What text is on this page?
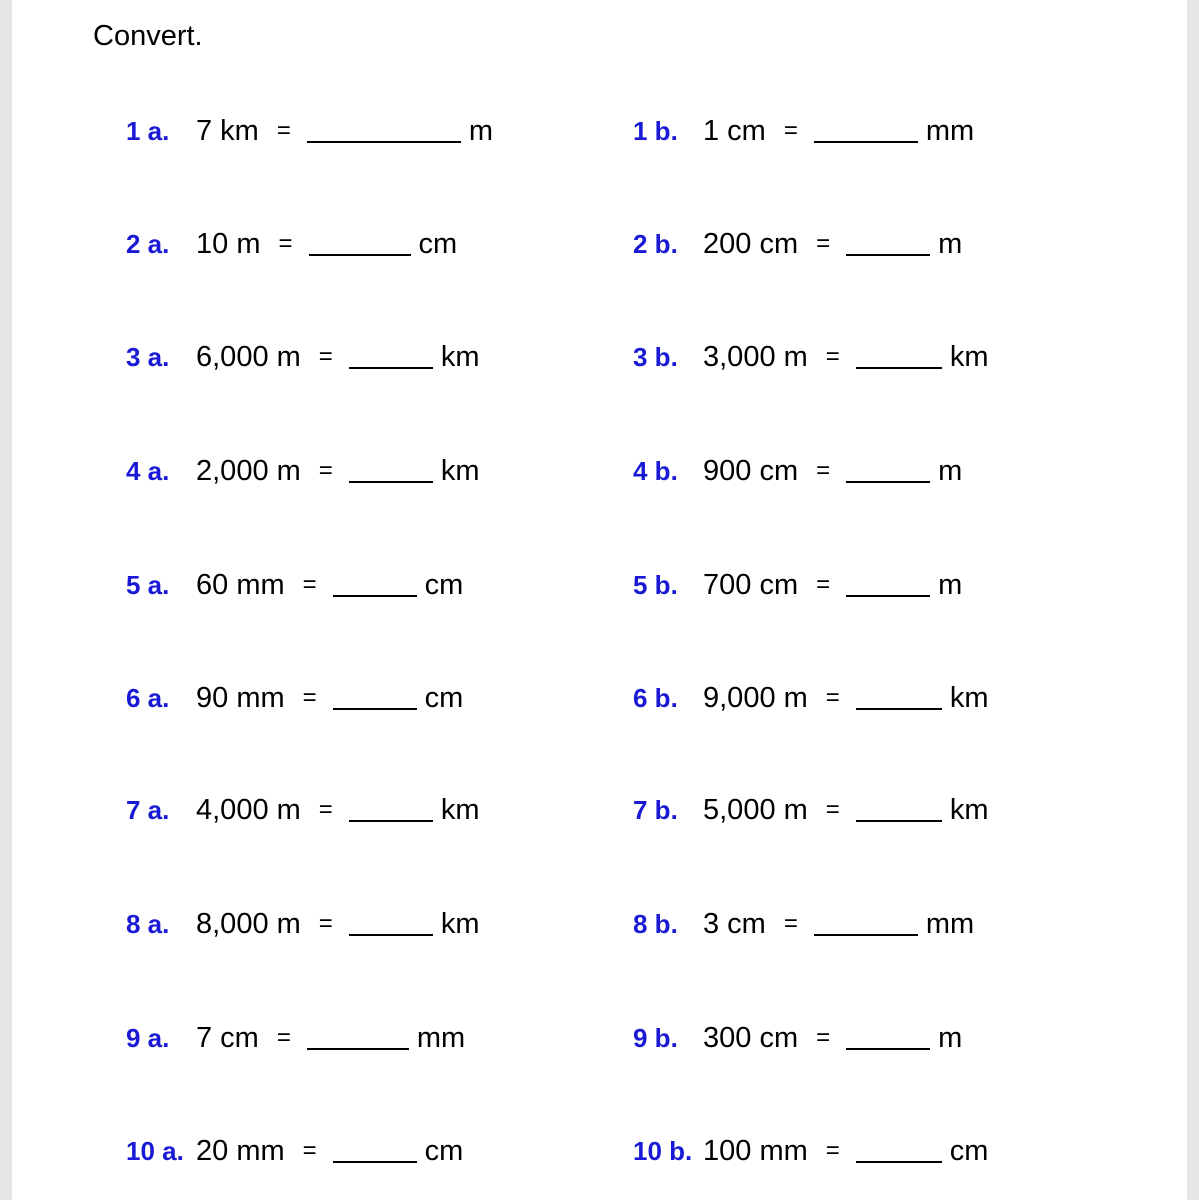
Convert.
1 a. 7 km =	m	1 b. 1 cm =	mm
2 a. 10 m =	cm	2 b. 200 cm =	m
3 a. 6,000 m =	km	3 b. 3,000 m =	km
4 a. 2,000 m =	km	4 b. 900 cm =	m
5 a. 60 mm =	cm	5 b. 700 cm =	m
6 a. 90 mm =	cm	6 b. 9,000 m =	km
7 a. 4,000 m =	km	7 b. 5,000 m =	km
8 a. 8,000 m =	km	8 b. 3 cm =	mm
9 a. 7 cm =	mm	9 b. 300 cm =	m
10 a. 20 mm =	cm	10 b. 100 mm =	cm
